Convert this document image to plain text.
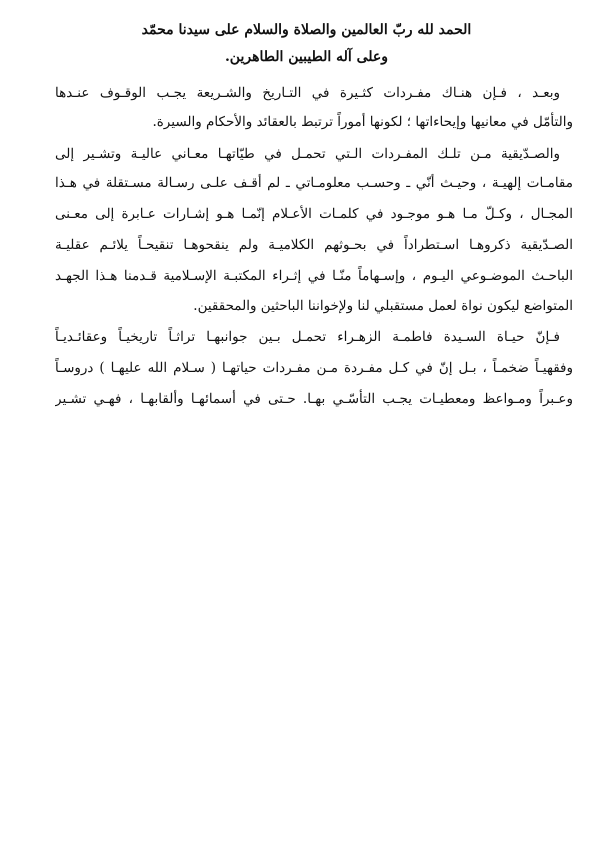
الحمد لله ربّ العالمين والصلاة والسلام على سيدنا محمّد
وعلى آله الطيبين الطاهرين.
وبعـد ، فـإن هنـاك مفـردات كثـيرة في التـاريخ والشـريعة يجـب الوقـوف عنـدها
والتأمّل في معانيها وإيحاءاتها ؛ لكونها أموراً ترتبط بالعقائد والأحكام والسيرة.
والصـدّيقية مـن تلـك المفـردات الـتي تحمـل في طيّاتهـا معـاني عاليـة وتشـير إلى
مقامـات إلهيـة ، وحيـث أنّي ـ وحسـب معلومـاتي ـ لم أقـف علـى رسـالة مسـتقلة في هـذا
المجـال ، وكـلّ مـا هـو موجـود في كلمـات الأعـلام إنّمـا هـو إشـارات عـابرة إلى معـنى
الصـدّيقية ذكروهـا اسـتطراداً في بحـوثهم الكلاميـة ولم ينقحوهـا تنقيحـاً يلائـم عقليـة
الباحـث الموضـوعي اليـوم ، وإسـهاماً منّـا في إثـراء المكتبـة الإسـلامية قـدمنا هـذا الجهـد
المتواضع ليكون نواة لعمل مستقبلي لنا ولإخواننا الباحثين والمحققين.
فـإنّ حيـاة السـيدة فاطمـة الزهـراء تحمـل بـين جوانبهـا تراثـاً تاريخيـاً وعقائـديـاً
وفقهيـاً ضخمـاً ، بـل إنّ في كـل مفـردة مـن مفـردات حياتهـا ( سـلام الله عليهـا ) دروسـاً
وعـبراً ومـواعظ ومعطيـات يجـب التأسّـي بهـا. حـتى في أسمائهـا وألقابهـا ، فهـي تشـير
